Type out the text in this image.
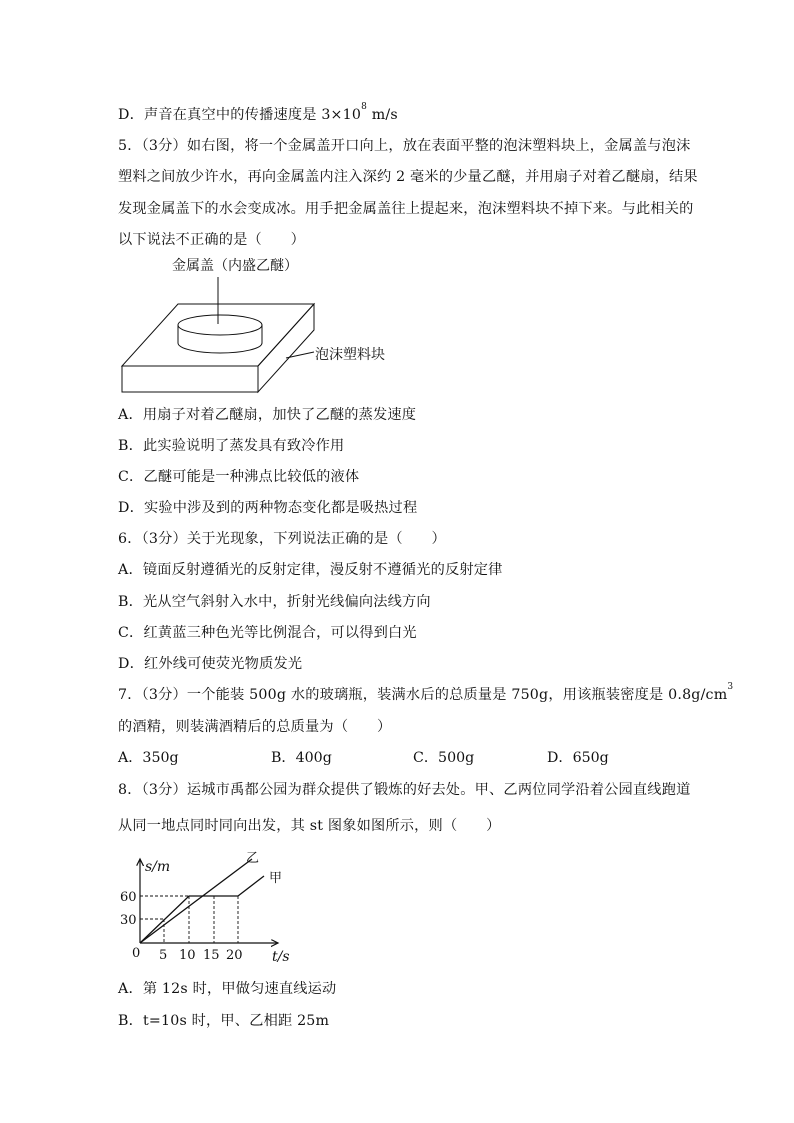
D．声音在真空中的传播速度是 $3\times 10^8$ m/s
5．（3分）如右图，将一个金属盖开口向上，放在表面平整的泡沫塑料块上，金属盖与泡沫
塑料之间放少许水，再向金属盖内注入深约 2 毫米的少量乙醚，并用扇子对着乙醚扇，结果
发现金属盖下的水会变成冰。用手把金属盖往上提起来，泡沫塑料块不掉下来。与此相关的
以下说法不正确的是（　　）
金属盖（内盛乙醚）
泡沫塑料块
A．用扇子对着乙醚扇，加快了乙醚的蒸发速度
B．此实验说明了蒸发具有致冷作用
C．乙醚可能是一种沸点比较低的液体
D．实验中涉及到的两种物态变化都是吸热过程
6．（3分）关于光现象，下列说法正确的是（　　）
A．镜面反射遵循光的反射定律，漫反射不遵循光的反射定律
B．光从空气斜射入水中，折射光线偏向法线方向
C．红黄蓝三种色光等比例混合，可以得到白光
D．红外线可使荧光物质发光
7．（3分）一个能装 500g 水的玻璃瓶，装满水后的总质量是 750g，用该瓶装密度是 $0.8g/cm^3$
的酒精，则装满酒精后的总质量为（　　）
A．350g	B．400g	C．500g	D．650g
8．（3分）运城市禹都公园为群众提供了锻炼的好去处。甲、乙两位同学沿着公园直线跑道
从同一地点同时同向出发，其 st 图象如图所示，则（　　）
s/m
t/s
0
60
30
5 10 15 20
乙
甲
A．第 12s 时，甲做匀速直线运动
B．t=10s 时，甲、乙相距 25m
